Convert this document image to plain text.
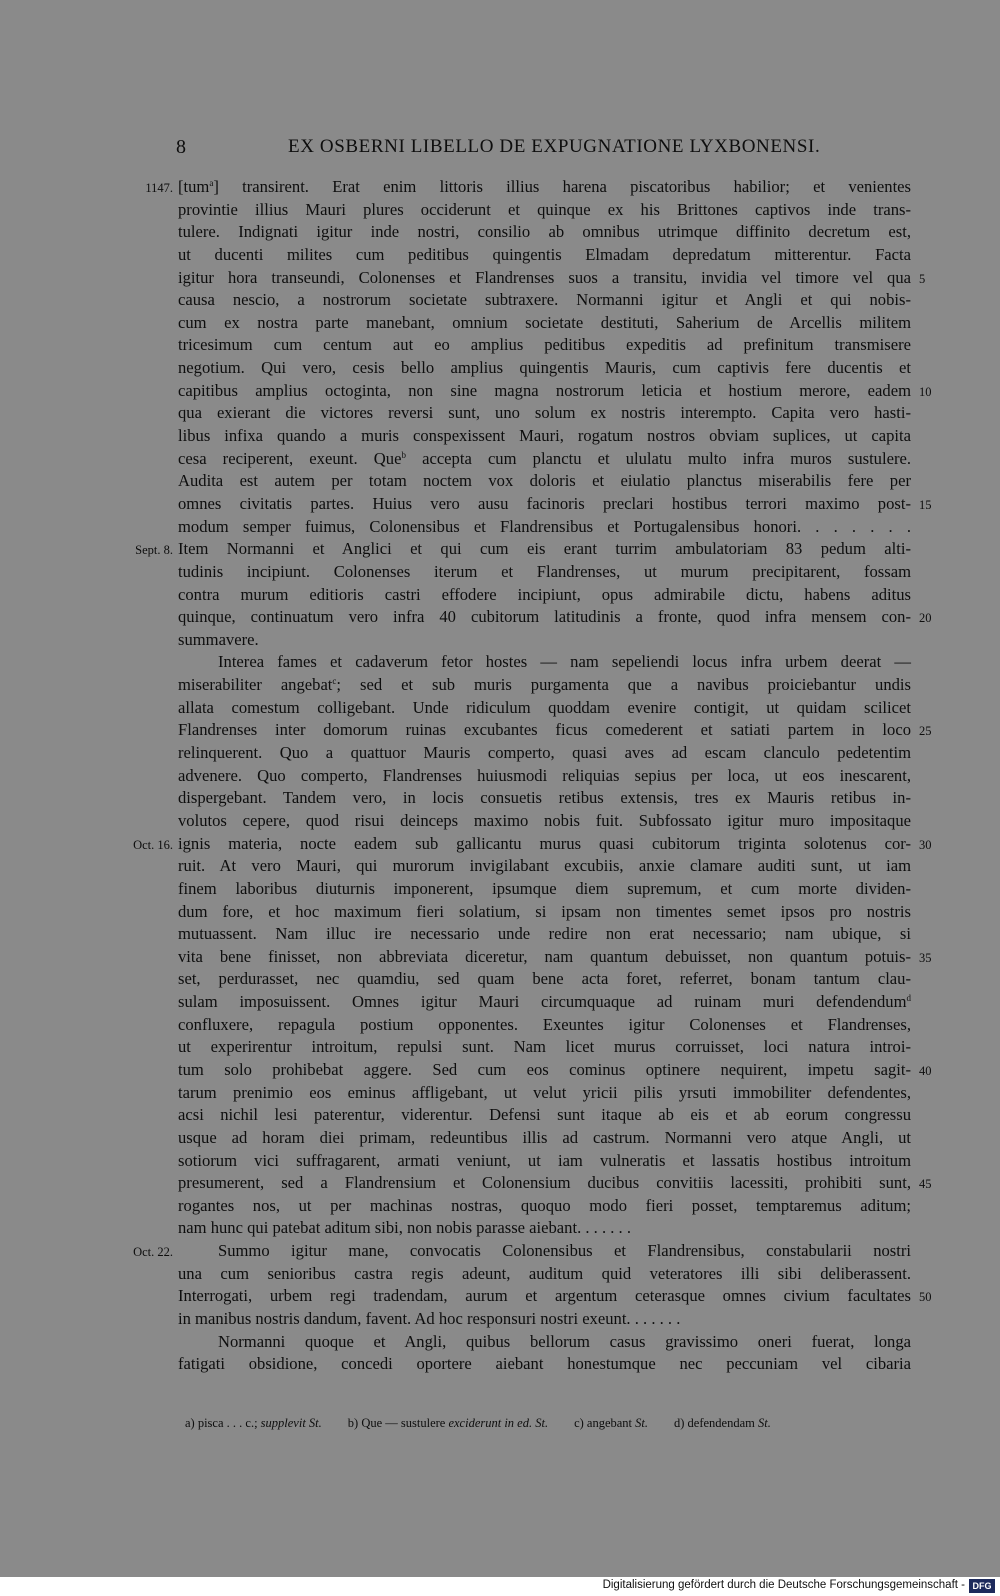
8	EX OSBERNI LIBELLO DE EXPUGNATIONE LYXBONENSI.
[tum$^a$] transirent. Erat enim littoris illius harena piscatoribus habilior; et venientes
1147.
provintie illius Mauri plures occiderunt et quinque ex his Brittones captivos inde trans-
tulere. Indignati igitur inde nostri, consilio ab omnibus utrimque diffinito decretum est,
ut ducenti milites cum peditibus quingentis Elmadam depredatum mitterentur. Facta
igitur hora transeundi, Colonenses et Flandrenses suos a transitu, invidia vel timore vel qua 5
causa nescio, a nostrorum societate subtraxere. Normanni igitur et Angli et qui nobis-
cum ex nostra parte manebant, omnium societate destituti, Saherium de Arcellis militem
tricesimum cum centum aut eo amplius peditibus expeditis ad prefinitum transmisere
negotium. Qui vero, cesis bello amplius quingentis Mauris, cum captivis fere ducentis et
capitibus amplius octoginta, non sine magna nostrorum leticia et hostium merore, eadem 10
qua exierant die victores reversi sunt, uno solum ex nostris interempto. Capita vero hasti-
libus infixa quando a muris conspexissent Mauri, rogatum nostros obviam suplices, ut capita
cesa reciperent, exeunt. Que$^b$ accepta cum planctu et ululatu multo infra muros sustulere.
Audita est autem per totam noctem vox doloris et eiulatio planctus miserabilis fere per
omnes civitatis partes. Huius vero ausu facinoris preclari hostibus terrori maximo post- 15
modum semper fuimus, Colonensibus et Flandrensibus et Portugalensibus honori. . . . . . .
Item Normanni et Anglici et qui cum eis erant turrim ambulatoriam 83 pedum alti-
Sept. 8.
tudinis incipiunt. Colonenses iterum et Flandrenses, ut murum precipitarent, fossam
contra murum editioris castri effodere incipiunt, opus admirabile dictu, habens aditus
quinque, continuatum vero infra 40 cubitorum latitudinis a fronte, quod infra mensem con- 20
summavere.
Interea fames et cadaverum fetor hostes — nam sepeliendi locus infra urbem deerat —
miserabiliter angebat$^c$; sed et sub muris purgamenta que a navibus proiciebantur undis
allata comestum colligebant. Unde ridiculum quoddam evenire contigit, ut quidam scilicet
Flandrenses inter domorum ruinas excubantes ficus comederent et satiati partem in loco 25
relinquerent. Quo a quattuor Mauris comperto, quasi aves ad escam clanculo pedetentim
advenere. Quo comperto, Flandrenses huiusmodi reliquias sepius per loca, ut eos inescarent,
dispergebant. Tandem vero, in locis consuetis retibus extensis, tres ex Mauris retibus in-
volutos cepere, quod risui deinceps maximo nobis fuit. Subfossato igitur muro impositaque
ignis materia, nocte eadem sub gallicantu murus quasi cubitorum triginta solotenus cor-
Oct. 16.	30
ruit. At vero Mauri, qui murorum invigilabant excubiis, anxie clamare auditi sunt, ut iam
finem laboribus diuturnis imponerent, ipsumque diem supremum, et cum morte dividen-
dum fore, et hoc maximum fieri solatium, si ipsam non timentes semet ipsos pro nostris
mutuassent. Nam illuc ire necessario unde redire non erat necessario; nam ubique, si
vita bene finisset, non abbreviata diceretur, nam quantum debuisset, non quantum potuis- 35
set, perdurasset, nec quamdiu, sed quam bene acta foret, referret, bonam tantum clau-
sulam imposuissent. Omnes igitur Mauri circumquaque ad ruinam muri defendendum$^d$
confluxere, repagula postium opponentes. Exeuntes igitur Colonenses et Flandrenses,
ut experirentur introitum, repulsi sunt. Nam licet murus corruisset, loci natura introi-
tum solo prohibebat aggere. Sed cum eos cominus optinere nequirent, impetu sagit- 40
tarum prenimio eos eminus affligebant, ut velut yricii pilis yrsuti immobiliter defendentes,
acsi nichil lesi paterentur, viderentur. Defensi sunt itaque ab eis et ab eorum congressu
usque ad horam diei primam, redeuntibus illis ad castrum. Normanni vero atque Angli, ut
sotiorum vici suffragarent, armati veniunt, ut iam vulneratis et lassatis hostibus introitum
presumerent, sed a Flandrensium et Colonensium ducibus convitiis lacessiti, prohibiti sunt, 45
rogantes nos, ut per machinas nostras, quoquo modo fieri posset, temptaremus aditum;
nam hunc qui patebat aditum sibi, non nobis parasse aiebant. . . . . . .
Summo igitur mane, convocatis Colonensibus et Flandrensibus, constabularii nostri
Oct. 22.
una cum senioribus castra regis adeunt, auditum quid veteratores illi sibi deliberassent.
Interrogati, urbem regi tradendam, aurum et argentum ceterasque omnes civium facultates 50
in manibus nostris dandum, favent. Ad hoc responsuri nostri exeunt. . . . . . .
Normanni quoque et Angli, quibus bellorum casus gravissimo oneri fuerat, longa
fatigati obsidione, concedi oportere aiebant honestumque nec peccuniam vel cibaria
a) pisca . . . c.; supplevit St. b) Que — sustulere exciderunt in ed. St. c) angebant St. d) defendendam St.
Digitalisierung gefördert durch die Deutsche Forschungsgemeinschaft - DFG
